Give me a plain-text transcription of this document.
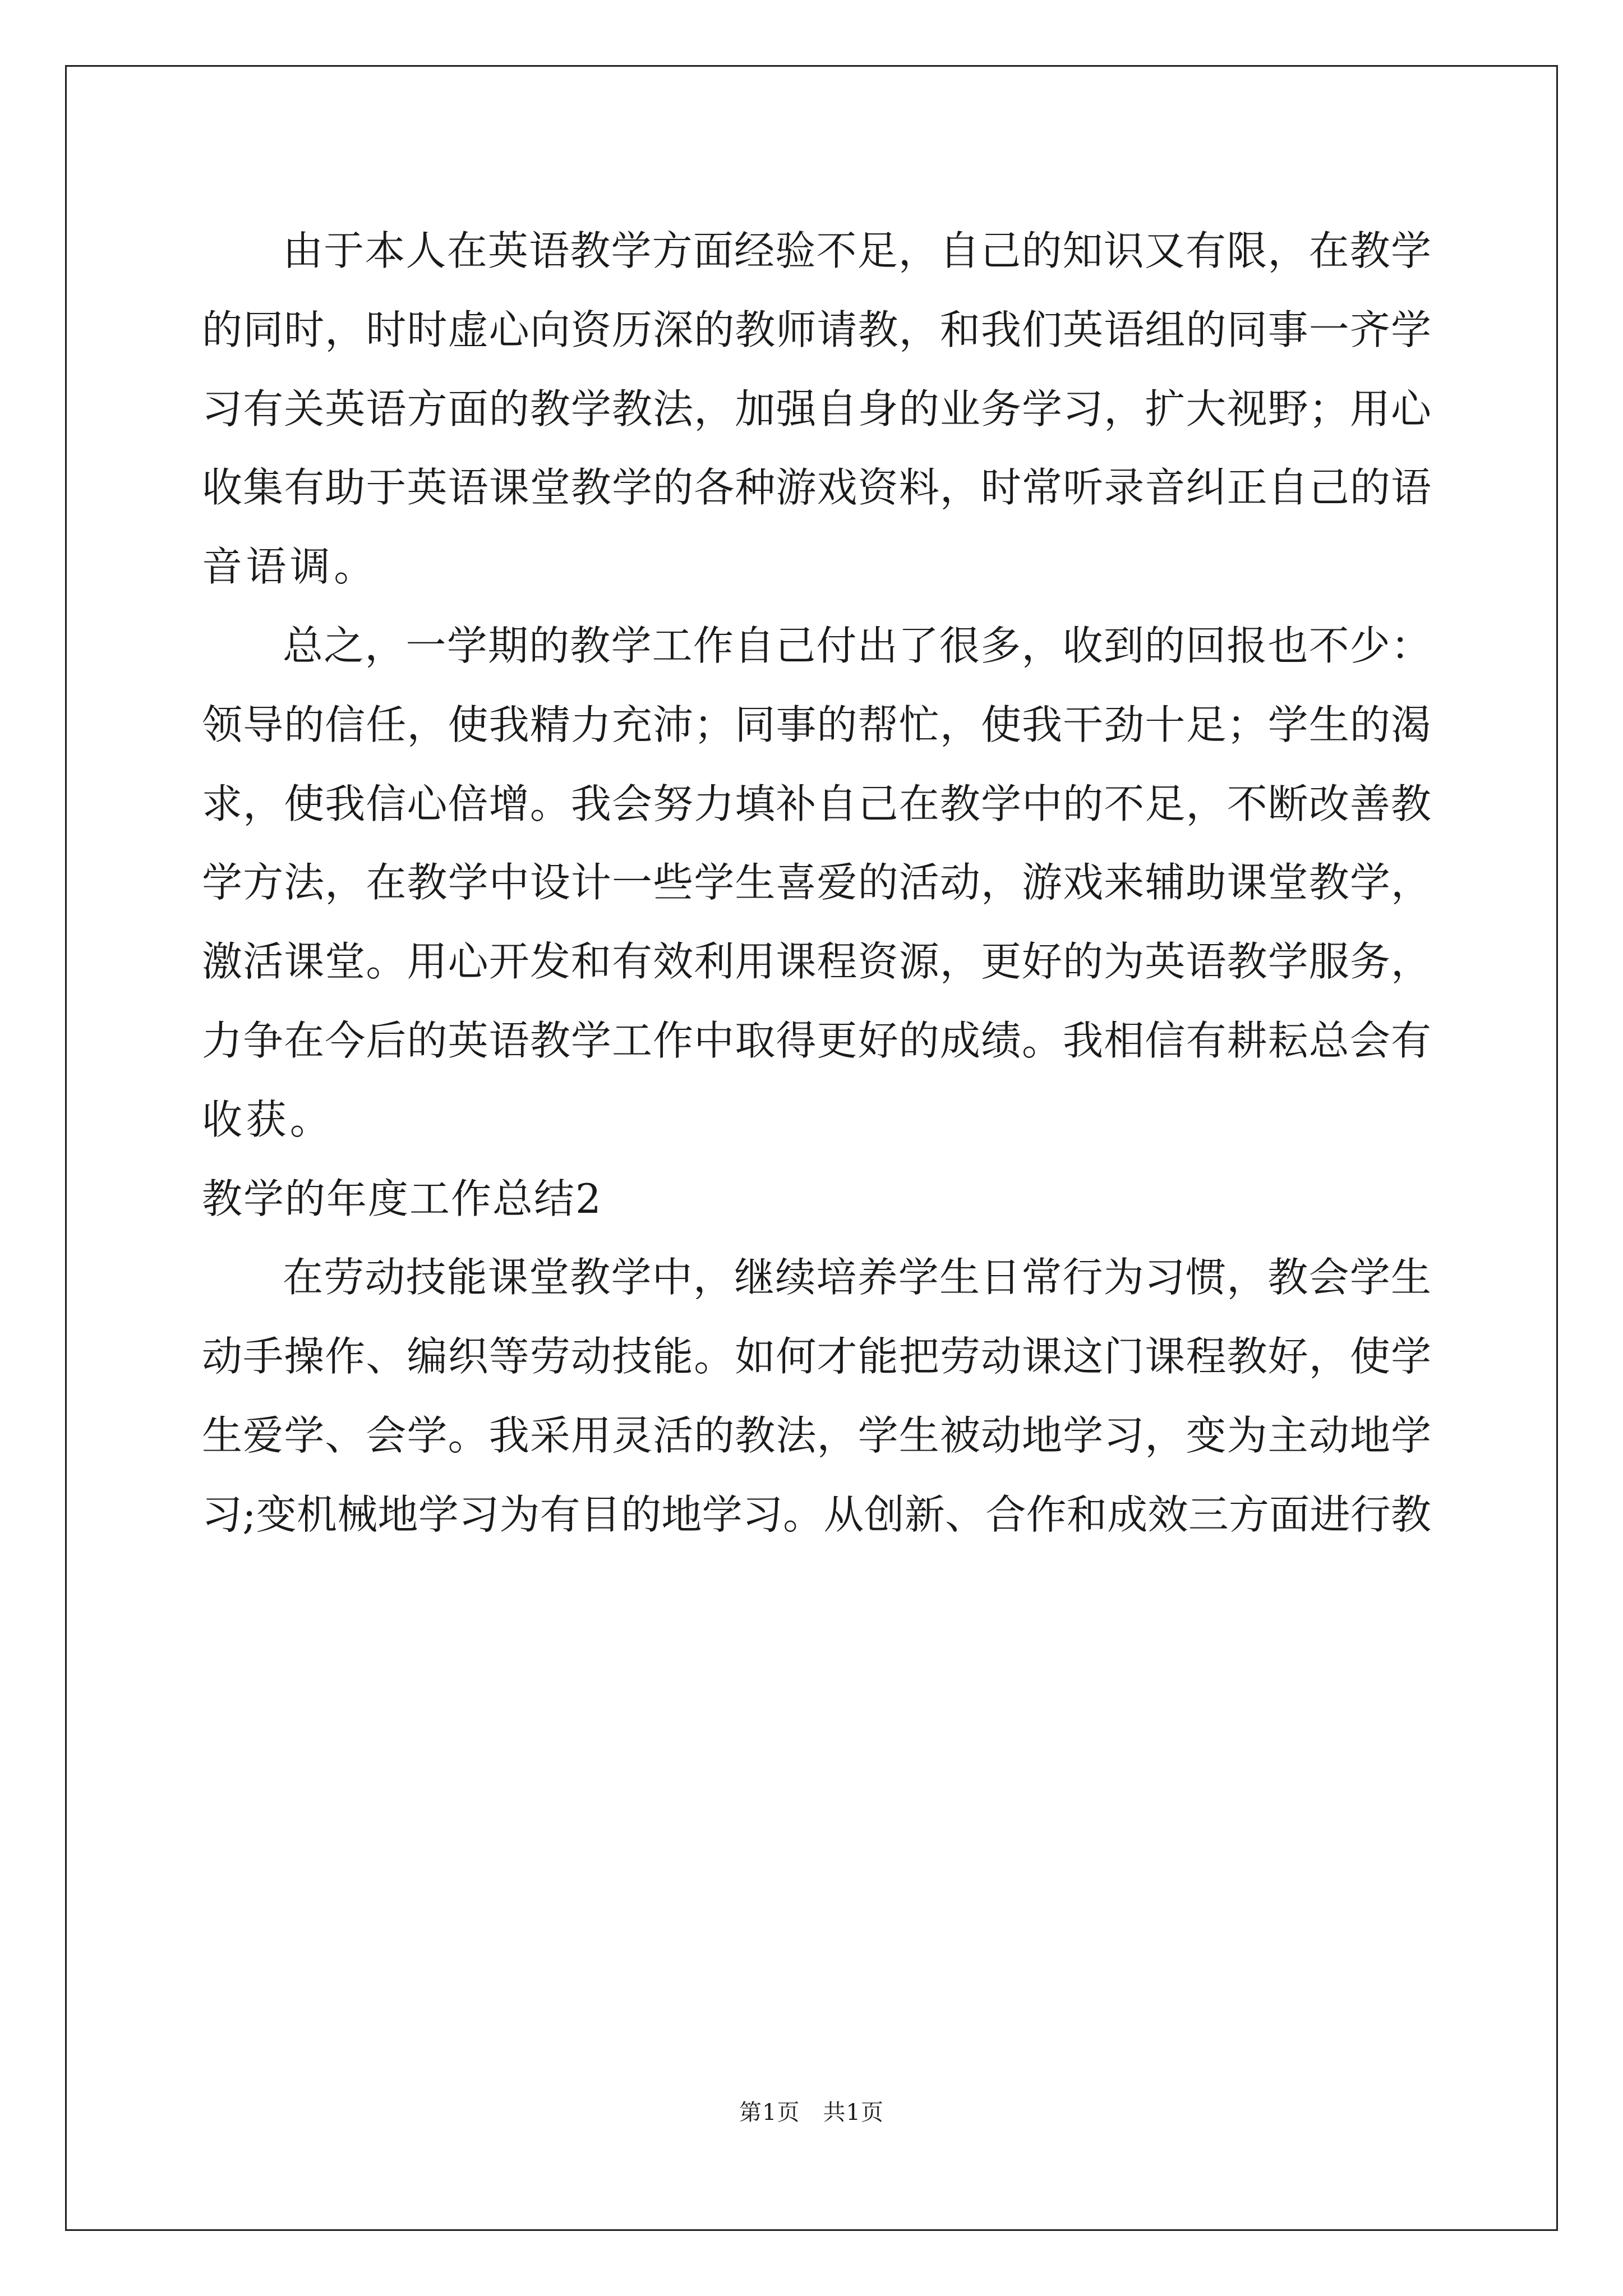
由于本人在英语教学方面经验不足，自己的知识又有限，在教学
的同时，时时虚心向资历深的教师请教，和我们英语组的同事一齐学
习有关英语方面的教学教法，加强自身的业务学习，扩大视野；用心
收集有助于英语课堂教学的各种游戏资料，时常听录音纠正自己的语
音语调。
总之，一学期的教学工作自己付出了很多，收到的回报也不少：
领导的信任，使我精力充沛；同事的帮忙，使我干劲十足；学生的渴
求，使我信心倍增。我会努力填补自己在教学中的不足，不断改善教
学方法，在教学中设计一些学生喜爱的活动，游戏来辅助课堂教学，
激活课堂。用心开发和有效利用课程资源，更好的为英语教学服务，
力争在今后的英语教学工作中取得更好的成绩。我相信有耕耘总会有
收获。
教学的年度工作总结2
在劳动技能课堂教学中，继续培养学生日常行为习惯，教会学生
动手操作、编织等劳动技能。如何才能把劳动课这门课程教好，使学
生爱学、会学。我采用灵活的教法，学生被动地学习，变为主动地学
习;变机械地学习为有目的地学习。从创新、合作和成效三方面进行教
第1页　共1页
